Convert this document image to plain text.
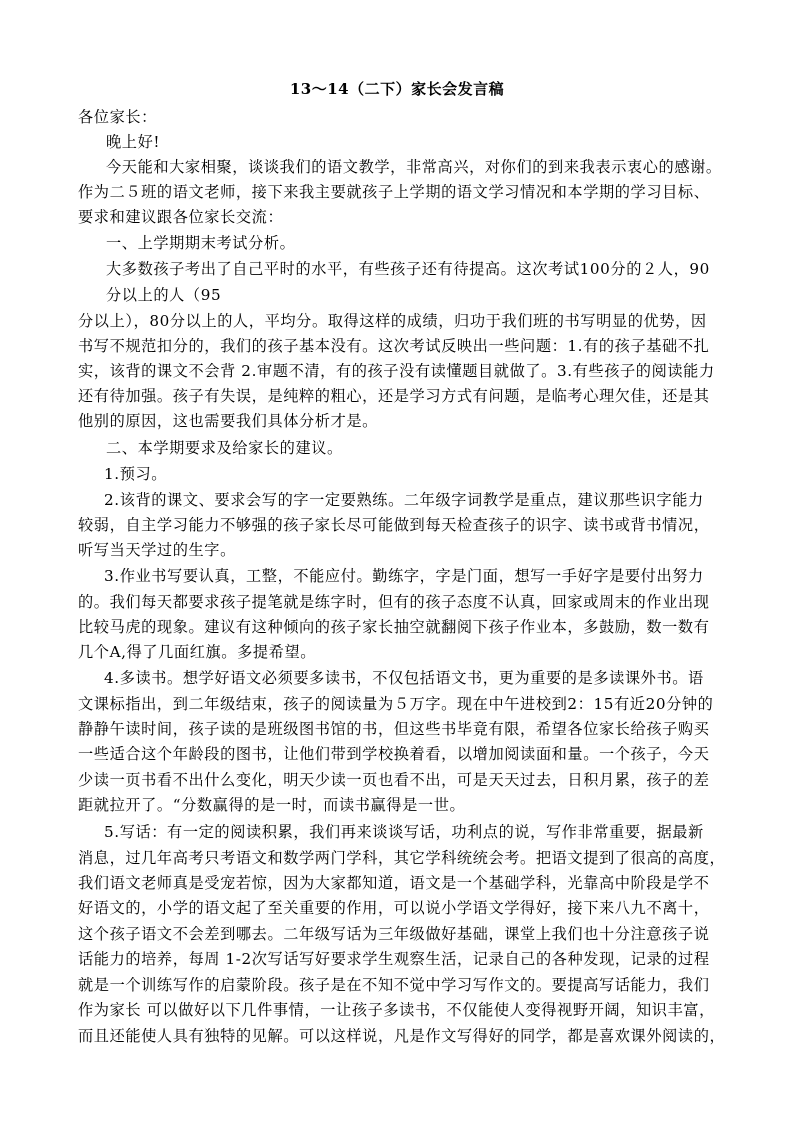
13～14（二下）家长会发言稿
各位家长：
晚上好!
今天能和大家相聚，谈谈我们的语文教学，非常高兴，对你们的到来我表示衷心的感谢。
作为二５班的语文老师，接下来我主要就孩子上学期的语文学习情况和本学期的学习目标、
要求和建议跟各位家长交流：
一、上学期期末考试分析。
大多数孩子考出了自己平时的水平，有些孩子还有待提高。这次考试100分的２人，90
分以上的人（95
分以上），80分以上的人，平均分。取得这样的成绩，归功于我们班的书写明显的优势，因
书写不规范扣分的，我们的孩子基本没有。这次考试反映出一些问题：1.有的孩子基础不扎
实，该背的课文不会背 2.审题不清，有的孩子没有读懂题目就做了。3.有些孩子的阅读能力
还有待加强。孩子有失误，是纯粹的粗心，还是学习方式有问题，是临考心理欠佳，还是其
他别的原因，这也需要我们具体分析才是。
二、本学期要求及给家长的建议。
1.预习。
2.该背的课文、要求会写的字一定要熟练。二年级字词教学是重点，建议那些识字能力
较弱，自主学习能力不够强的孩子家长尽可能做到每天检查孩子的识字、读书或背书情况，
听写当天学过的生字。
3.作业书写要认真，工整，不能应付。勤练字，字是门面，想写一手好字是要付出努力
的。我们每天都要求孩子提笔就是练字时，但有的孩子态度不认真，回家或周末的作业出现
比较马虎的现象。建议有这种倾向的孩子家长抽空就翻阅下孩子作业本，多鼓励，数一数有
几个A,得了几面红旗。多提希望。
4.多读书。想学好语文必须要多读书，不仅包括语文书，更为重要的是多读课外书。语
文课标指出，到二年级结束，孩子的阅读量为５万字。现在中午进校到2：15有近20分钟的
静静午读时间，孩子读的是班级图书馆的书，但这些书毕竟有限，希望各位家长给孩子购买
一些适合这个年龄段的图书，让他们带到学校换着看，以增加阅读面和量。一个孩子，今天
少读一页书看不出什么变化，明天少读一页也看不出，可是天天过去，日积月累，孩子的差
距就拉开了。“分数赢得的是一时，而读书赢得是一世。
5.写话：有一定的阅读积累，我们再来谈谈写话，功利点的说，写作非常重要，据最新
消息，过几年高考只考语文和数学两门学科，其它学科统统会考。把语文提到了很高的高度，
我们语文老师真是受宠若惊，因为大家都知道，语文是一个基础学科，光靠高中阶段是学不
好语文的，小学的语文起了至关重要的作用，可以说小学语文学得好，接下来八九不离十，
这个孩子语文不会差到哪去。二年级写话为三年级做好基础，课堂上我们也十分注意孩子说
话能力的培养，每周 1-2次写话写好要求学生观察生活，记录自己的各种发现，记录的过程
就是一个训练写作的启蒙阶段。孩子是在不知不觉中学习写作文的。要提高写话能力，我们
作为家长 可以做好以下几件事情，一让孩子多读书，不仅能使人变得视野开阔，知识丰富，
而且还能使人具有独特的见解。可以这样说，凡是作文写得好的同学，都是喜欢课外阅读的，
